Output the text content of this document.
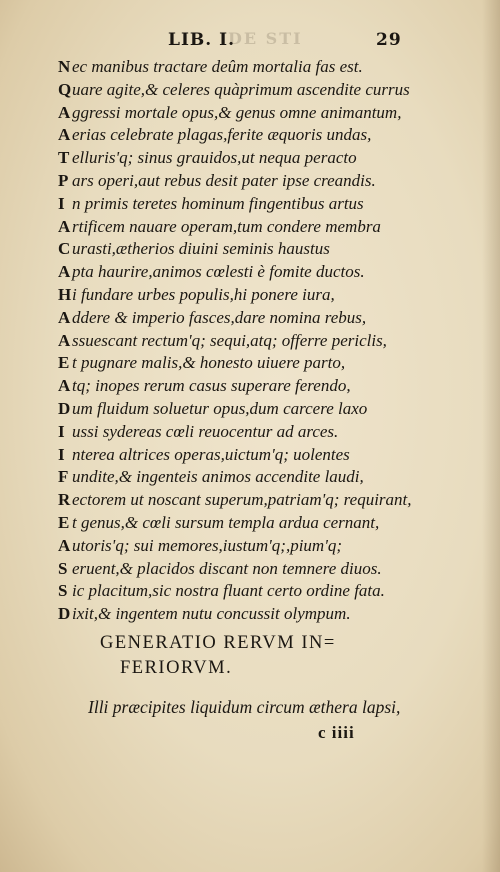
LIB. I.
DE STI	29
N ec manibus tractare deûm mortalia fas est.
Quare agite,& celeres quàprimum ascendite currus
A ggressi mortale opus,& genus omne animantum,
A erias celebrate plagas,ferite æquoris undas,
T elluris'q; sinus grauidos,ut nequa peracto
P ars operi,aut rebus desit pater ipse creandis.
I n primis teretes hominum fingentibus artus
A rtificem nauare operam,tum condere membra
C urasti,ætherios diuini seminis haustus
A pta haurire,animos cœlesti è fomite ductos.
Hi fundare urbes populis,hi ponere iura,
A ddere & imperio fasces,dare nomina rebus,
A ssuescant rectum'q; sequi,atq; offerre periclis,
E t pugnare malis,& honesto uiuere parto,
A tq; inopes rerum casus superare ferendo,
D um fluidum soluetur opus,dum carcere laxo
I ussi sydereas cœli reuocentur ad arces.
I nterea altrices operas,uictum'q; uolentes
F undite,& ingenteis animos accendite laudi,
R ectorem ut noscant superum,patriam'q; requirant,
E t genus,& cœli sursum templa ardua cernant,
A utoris'q; sui memores,iustum'q;,pium'q;
S eruent,& placidos discant non temnere diuos.
S ic placitum,sic nostra fluant certo ordine fata.
D ixit,& ingentem nutu concussit olympum.
GENERATIO RERVM IN=
FERIORVM.
Illi præcipites liquidum circum æthera lapsi,
c iiii
